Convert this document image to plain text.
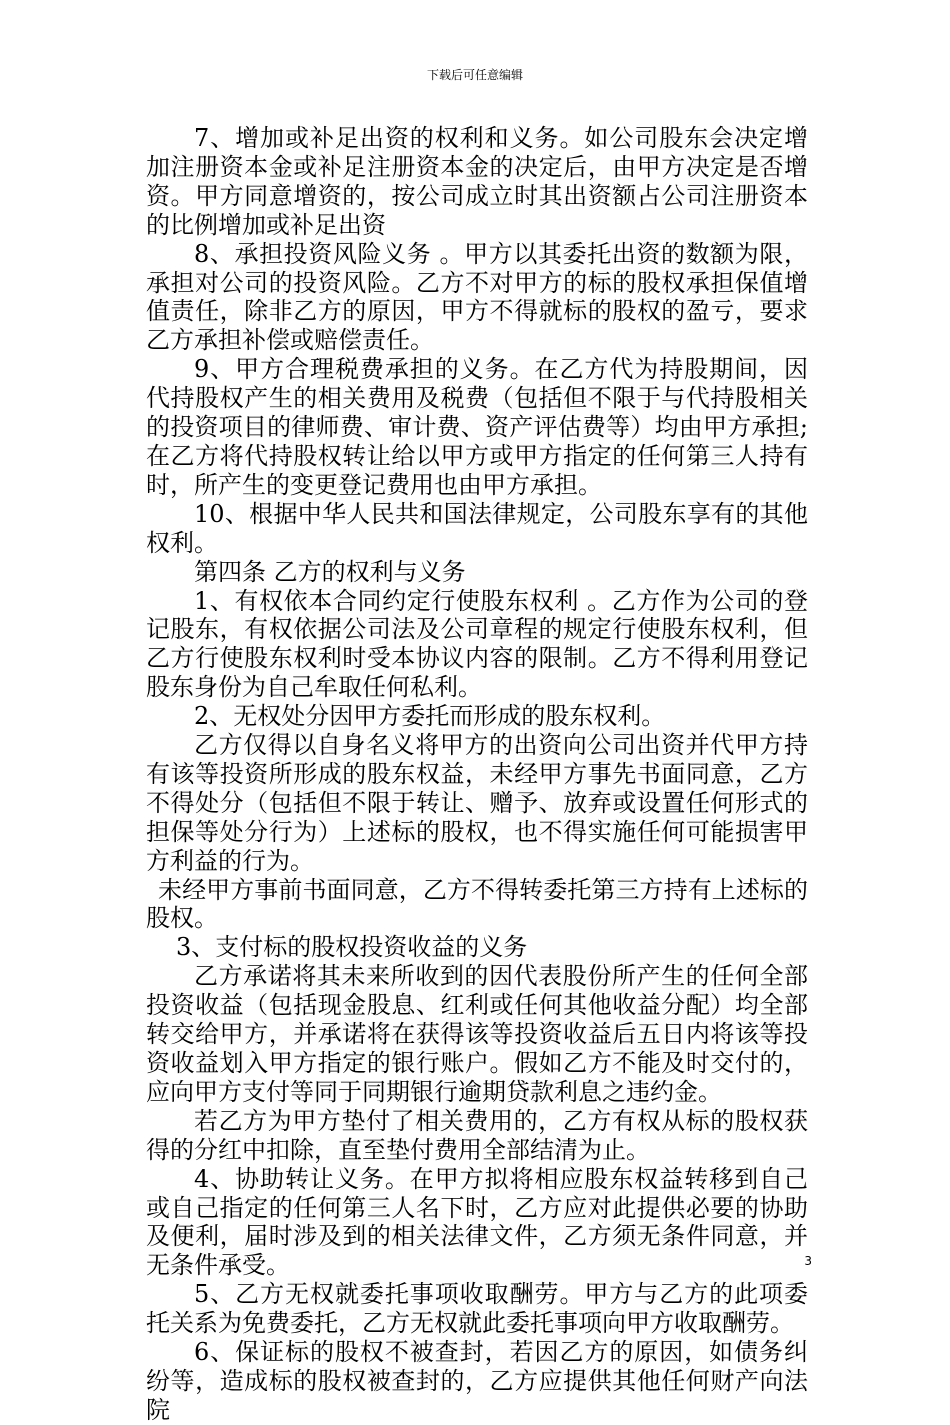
下载后可任意编辑

7、增加或补足出资的权利和义务。如公司股东会决定增加注册资本金或补足注册资本金的决定后，由甲方决定是否增资。甲方同意增资的，按公司成立时其出资额占公司注册资本的比例增加或补足出资

8、承担投资风险义务 。甲方以其委托出资的数额为限，承担对公司的投资风险。乙方不对甲方的标的股权承担保值增值责任，除非乙方的原因，甲方不得就标的股权的盈亏，要求乙方承担补偿或赔偿责任。

9、甲方合理税费承担的义务。在乙方代为持股期间，因代持股权产生的相关费用及税费（包括但不限于与代持股相关的投资项目的律师费、审计费、资产评估费等）均由甲方承担;在乙方将代持股权转让给以甲方或甲方指定的任何第三人持有时，所产生的变更登记费用也由甲方承担。

10、根据中华人民共和国法律规定，公司股东享有的其他权利。

第四条 乙方的权利与义务

1、有权依本合同约定行使股东权利 。乙方作为公司的登记股东，有权依据公司法及公司章程的规定行使股东权利，但乙方行使股东权利时受本协议内容的限制。乙方不得利用登记股东身份为自己牟取任何私利。

2、无权处分因甲方委托而形成的股东权利。

乙方仅得以自身名义将甲方的出资向公司出资并代甲方持有该等投资所形成的股东权益，未经甲方事先书面同意，乙方不得处分（包括但不限于转让、赠予、放弃或设置任何形式的担保等处分行为）上述标的股权，也不得实施任何可能损害甲方利益的行为。

未经甲方事前书面同意，乙方不得转委托第三方持有上述标的股权。

3、支付标的股权投资收益的义务

乙方承诺将其未来所收到的因代表股份所产生的任何全部投资收益（包括现金股息、红利或任何其他收益分配）均全部转交给甲方，并承诺将在获得该等投资收益后五日内将该等投资收益划入甲方指定的银行账户。假如乙方不能及时交付的，应向甲方支付等同于同期银行逾期贷款利息之违约金。

若乙方为甲方垫付了相关费用的，乙方有权从标的股权获得的分红中扣除，直至垫付费用全部结清为止。

4、协助转让义务。在甲方拟将相应股东权益转移到自己或自己指定的任何第三人名下时，乙方应对此提供必要的协助及便利，届时涉及到的相关法律文件，乙方须无条件同意，并无条件承受。

5、乙方无权就委托事项收取酬劳。甲方与乙方的此项委托关系为免费委托，乙方无权就此委托事项向甲方收取酬劳。

6、保证标的股权不被查封，若因乙方的原因，如债务纠纷等，造成标的股权被查封的，乙方应提供其他任何财产向法院

3
